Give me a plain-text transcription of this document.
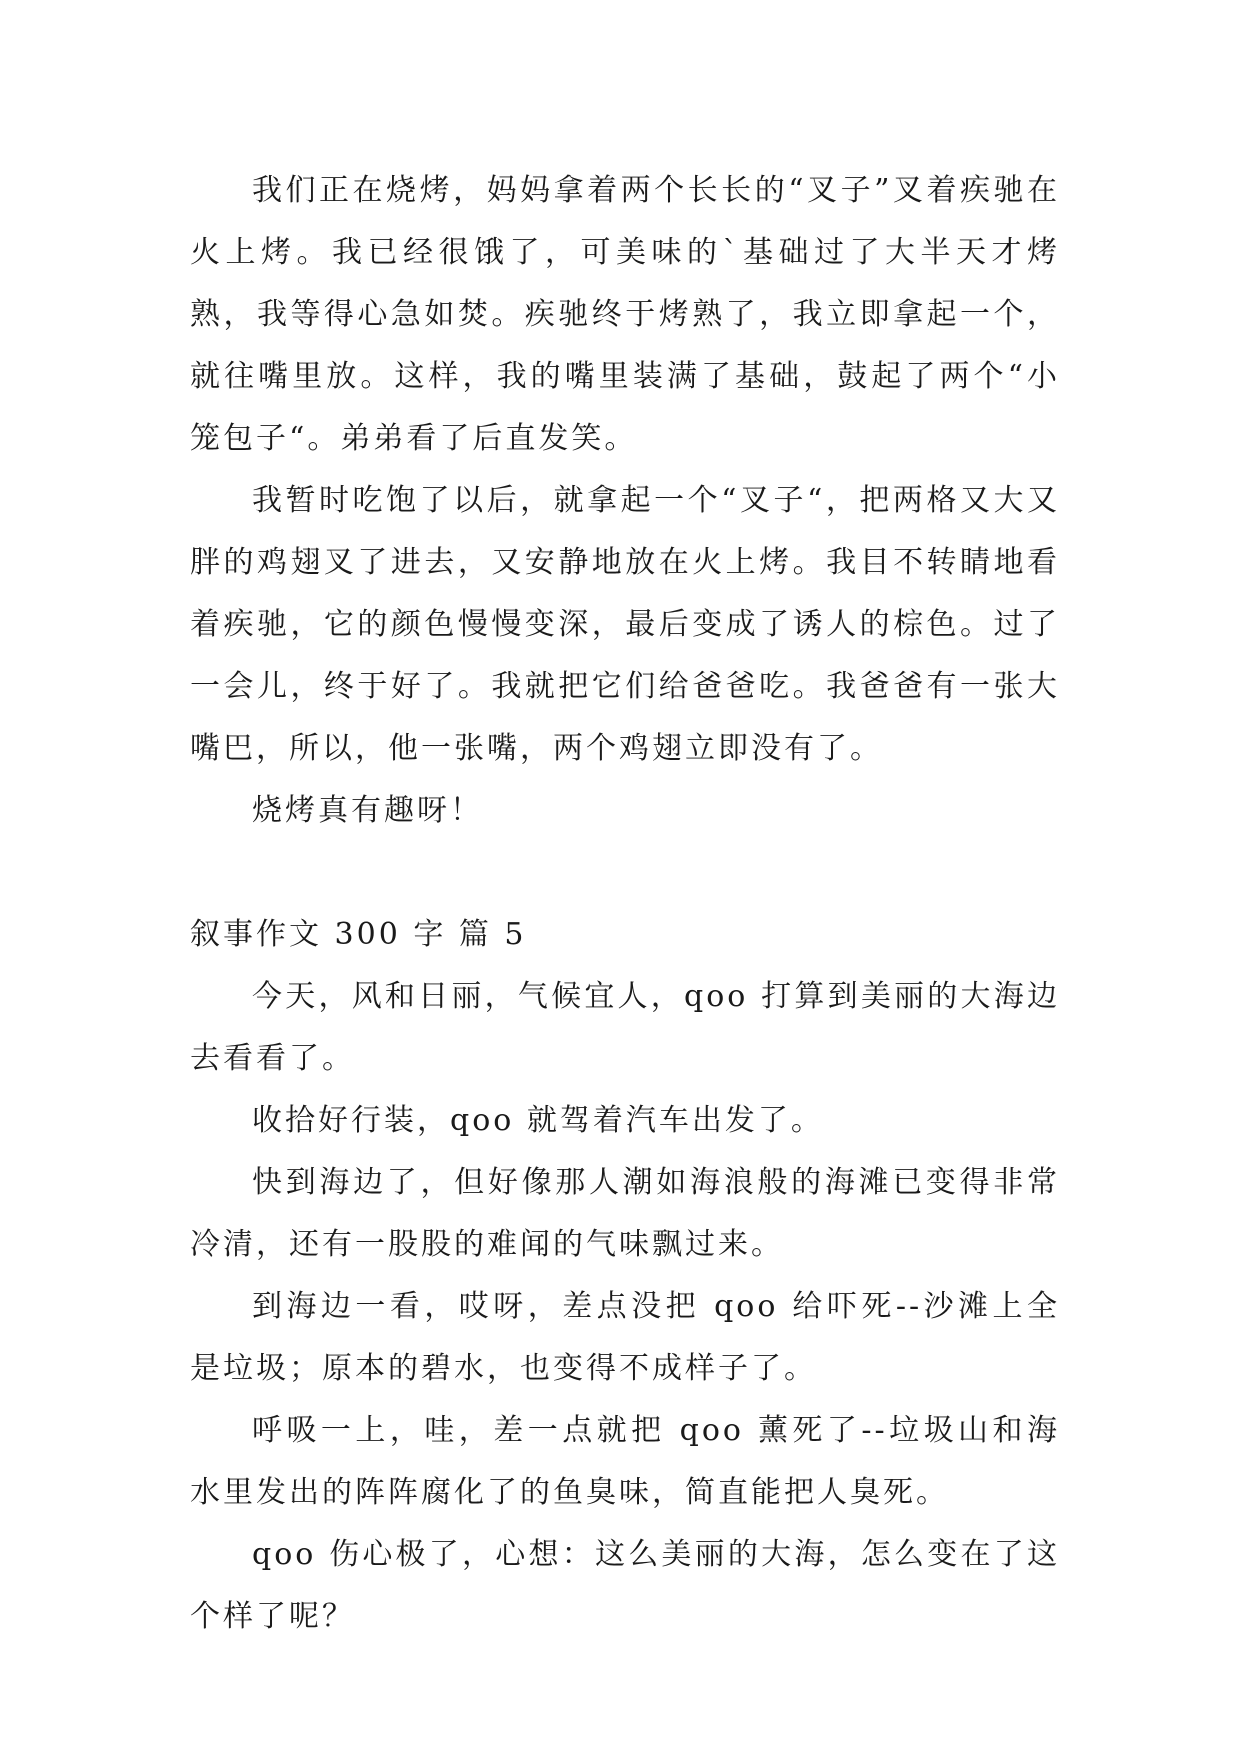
我们正在烧烤，妈妈拿着两个长长的“叉子”叉着疾驰在火上烤。我已经很饿了，可美味的`基础过了大半天才烤熟，我等得心急如焚。疾驰终于烤熟了，我立即拿起一个，就往嘴里放。这样，我的嘴里装满了基础，鼓起了两个“小笼包子“。弟弟看了后直发笑。

我暂时吃饱了以后，就拿起一个“叉子“，把两格又大又胖的鸡翅叉了进去，又安静地放在火上烤。我目不转睛地看着疾驰，它的颜色慢慢变深，最后变成了诱人的棕色。过了一会儿，终于好了。我就把它们给爸爸吃。我爸爸有一张大嘴巴，所以，他一张嘴，两个鸡翅立即没有了。

烧烤真有趣呀！

叙事作文 300 字 篇 5

今天，风和日丽，气候宜人，qoo 打算到美丽的大海边去看看了。

收拾好行装，qoo 就驾着汽车出发了。

快到海边了，但好像那人潮如海浪般的海滩已变得非常冷清，还有一股股的难闻的气味飘过来。

到海边一看，哎呀，差点没把 qoo 给吓死--沙滩上全是垃圾；原本的碧水，也变得不成样子了。

呼吸一上，哇，差一点就把 qoo 薰死了--垃圾山和海水里发出的阵阵腐化了的鱼臭味，简直能把人臭死。

qoo 伤心极了，心想：这么美丽的大海，怎么变在了这个样了呢？
